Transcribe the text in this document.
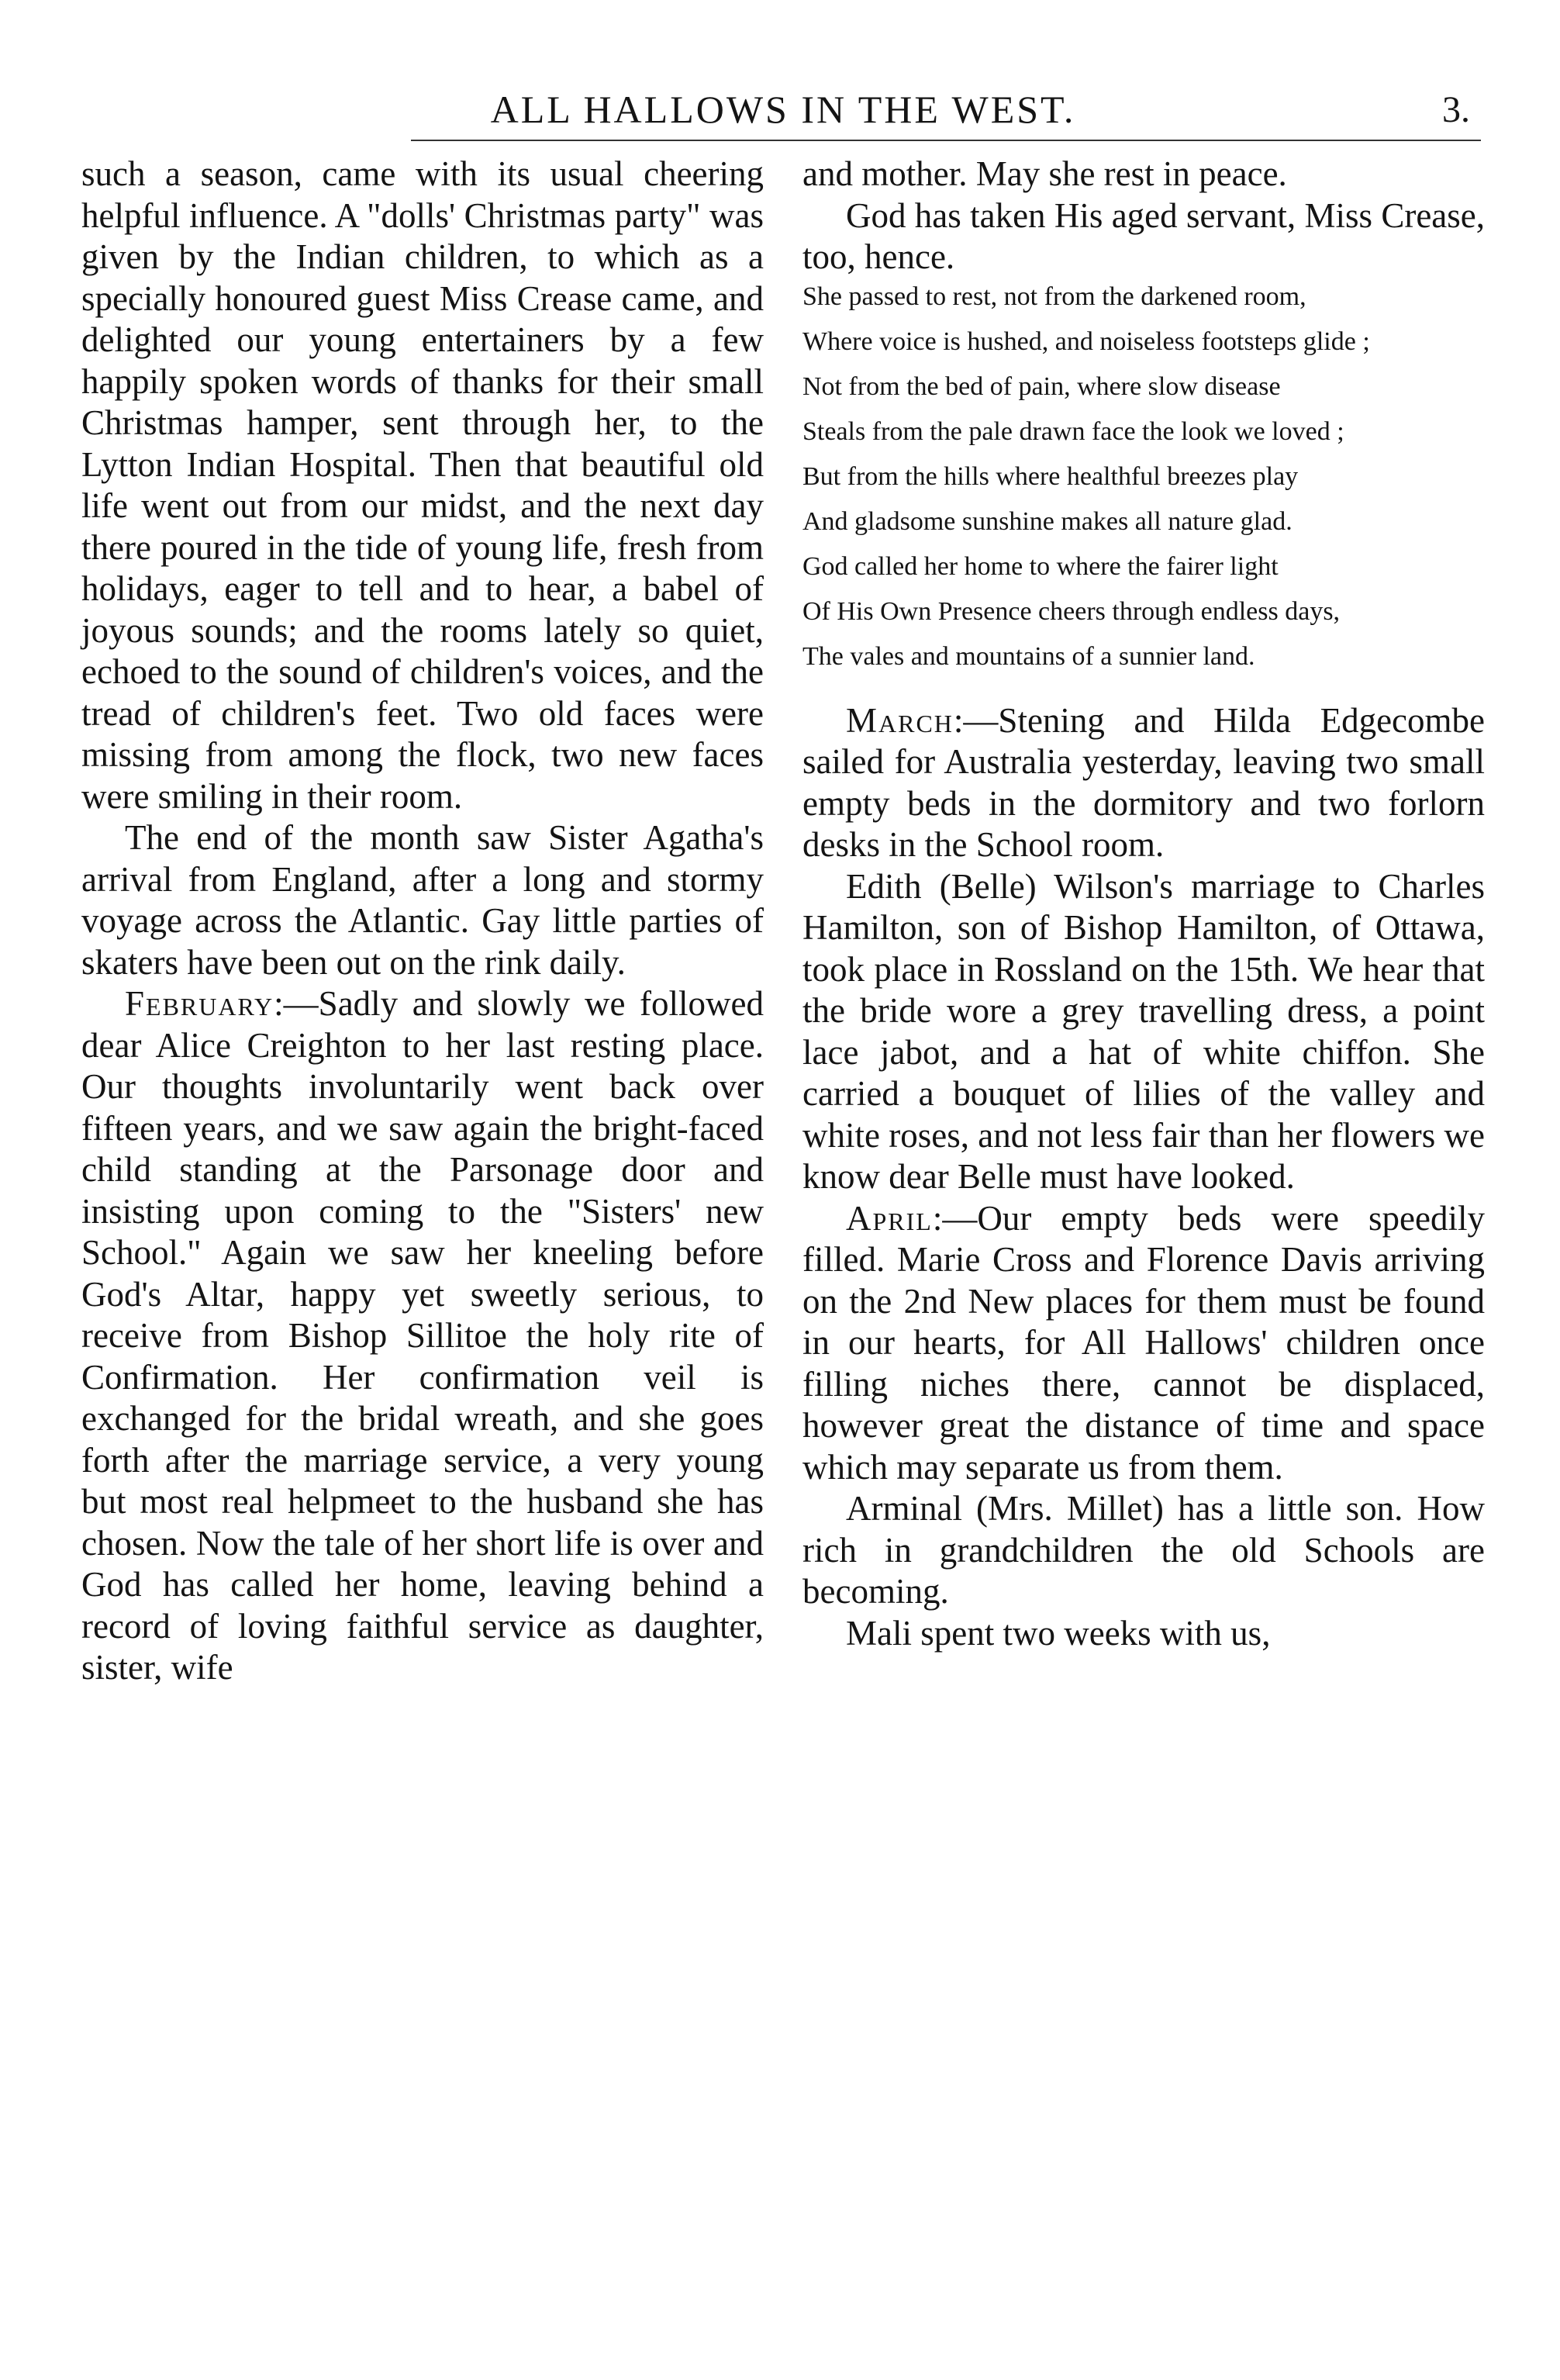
ALL HALLOWS IN THE WEST.	3.

such a season, came with its usual cheering helpful influence. A "dolls' Christmas party" was given by the Indian children, to which as a specially honoured guest Miss Crease came, and delighted our young entertainers by a few happily spoken words of thanks for their small Christmas hamper, sent through her, to the Lytton Indian Hospital. Then that beautiful old life went out from our midst, and the next day there poured in the tide of young life, fresh from holidays, eager to tell and to hear, a babel of joyous sounds; and the rooms lately so quiet, echoed to the sound of children's voices, and the tread of children's feet. Two old faces were missing from among the flock, two new faces were smiling in their room.

The end of the month saw Sister Agatha's arrival from England, after a long and stormy voyage across the Atlantic. Gay little parties of skaters have been out on the rink daily.

February:—Sadly and slowly we followed dear Alice Creighton to her last resting place. Our thoughts involuntarily went back over fifteen years, and we saw again the bright-faced child standing at the Parsonage door and insisting upon coming to the "Sisters' new School." Again we saw her kneeling before God's Altar, happy yet sweetly serious, to receive from Bishop Sillitoe the holy rite of Confirmation. Her confirmation veil is exchanged for the bridal wreath, and she goes forth after the marriage service, a very young but most real helpmeet to the husband she has chosen. Now the tale of her short life is over and God has called her home, leaving behind a record of loving faithful service as daughter, sister, wife

and mother. May she rest in peace.

God has taken His aged servant, Miss Crease, too, hence.

She passed to rest, not from the darkened room,

Where voice is hushed, and noiseless footsteps glide ;

Not from the bed of pain, where slow disease

Steals from the pale drawn face the look we loved ;

But from the hills where healthful breezes play

And gladsome sunshine makes all nature glad.

God called her home to where the fairer light

Of His Own Presence cheers through endless days,

The vales and mountains of a sunnier land.

March:—Stening and Hilda Edgecombe sailed for Australia yesterday, leaving two small empty beds in the dormitory and two forlorn desks in the School room.

Edith (Belle) Wilson's marriage to Charles Hamilton, son of Bishop Hamilton, of Ottawa, took place in Rossland on the 15th. We hear that the bride wore a grey travelling dress, a point lace jabot, and a hat of white chiffon. She carried a bouquet of lilies of the valley and white roses, and not less fair than her flowers we know dear Belle must have looked.

April:—Our empty beds were speedily filled. Marie Cross and Florence Davis arriving on the 2nd New places for them must be found in our hearts, for All Hallows' children once filling niches there, cannot be displaced, however great the distance of time and space which may separate us from them.

Arminal (Mrs. Millet) has a little son. How rich in grandchildren the old Schools are becoming.

Mali spent two weeks with us,
